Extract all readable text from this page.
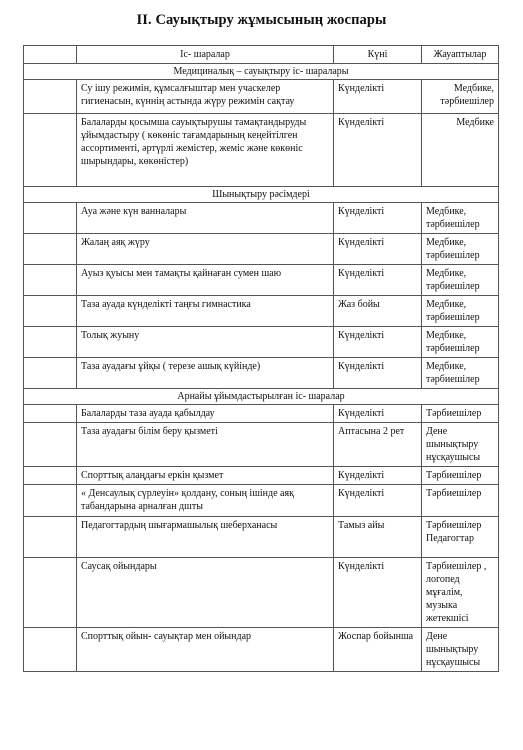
II. Сауықтыру жұмысының жоспары
	Іс- шаралар	Күні	Жауаптылар
Медициналық – сауықтыру іс- шаралары			
	Су ішу режимін, құмсалғыштар мен учаскелер гигиенасын, күннің астында жүру режимін сақтау	Күнделікті	Медбике, тәрбиешілер
	Балаларды қосымша сауықтырушы тамақтандыруды ұйымдастыру ( көкөніс тағамдарының кеңейтілген ассортименті, әртүрлі жемістер, жеміс және көкөніс шырындары, көкөністер)	Күнделікті	Медбике
Шынықтыру рәсімдері			
	Ауа және күн ванналары	Күнделікті	Медбике, тәрбиешілер
	Жалаң аяқ жүру	Күнделікті	Медбике, тәрбиешілер
	Ауыз қуысы мен тамақты қайнаған сумен шаю	Күнделікті	Медбике, тәрбиешілер
	Таза ауада күнделікті таңғы гимнастика	Жаз бойы	Медбике, тәрбиешілер
	Толық жуыну	Күнделікті	Медбике, тәрбиешілер
	Таза ауадағы ұйқы ( терезе ашық күйінде)	Күнделікті	Медбике, тәрбиешілер
Арнайы ұйымдастырылған іс- шаралар			
	Балаларды таза ауада қабылдау	Күнделікті	Тәрбиешілер
	Таза ауадағы білім беру қызметі	Аптасына 2 рет	Дене шынықтыру нұсқаушысы
	Спорттық алаңдағы еркін қызмет	Күнделікті	Тәрбиешілер
	« Денсаулық сүрлеуін» қолдану, соның ішінде аяқ табандарына арналған дшты	Күнделікті	Тәрбиешілер
	Педагогтардың шығармашылық шеберханасы	Тамыз айы	Тәрбиешілер Педагогтар
	Саусақ ойындары	Күнделікті	Тәрбиешілер , логопед мұғалім, музыка жетекшісі
	Спорттық ойын- сауықтар мен ойындар	Жоспар бойынша	Дене шынықтыру нұсқаушысы
